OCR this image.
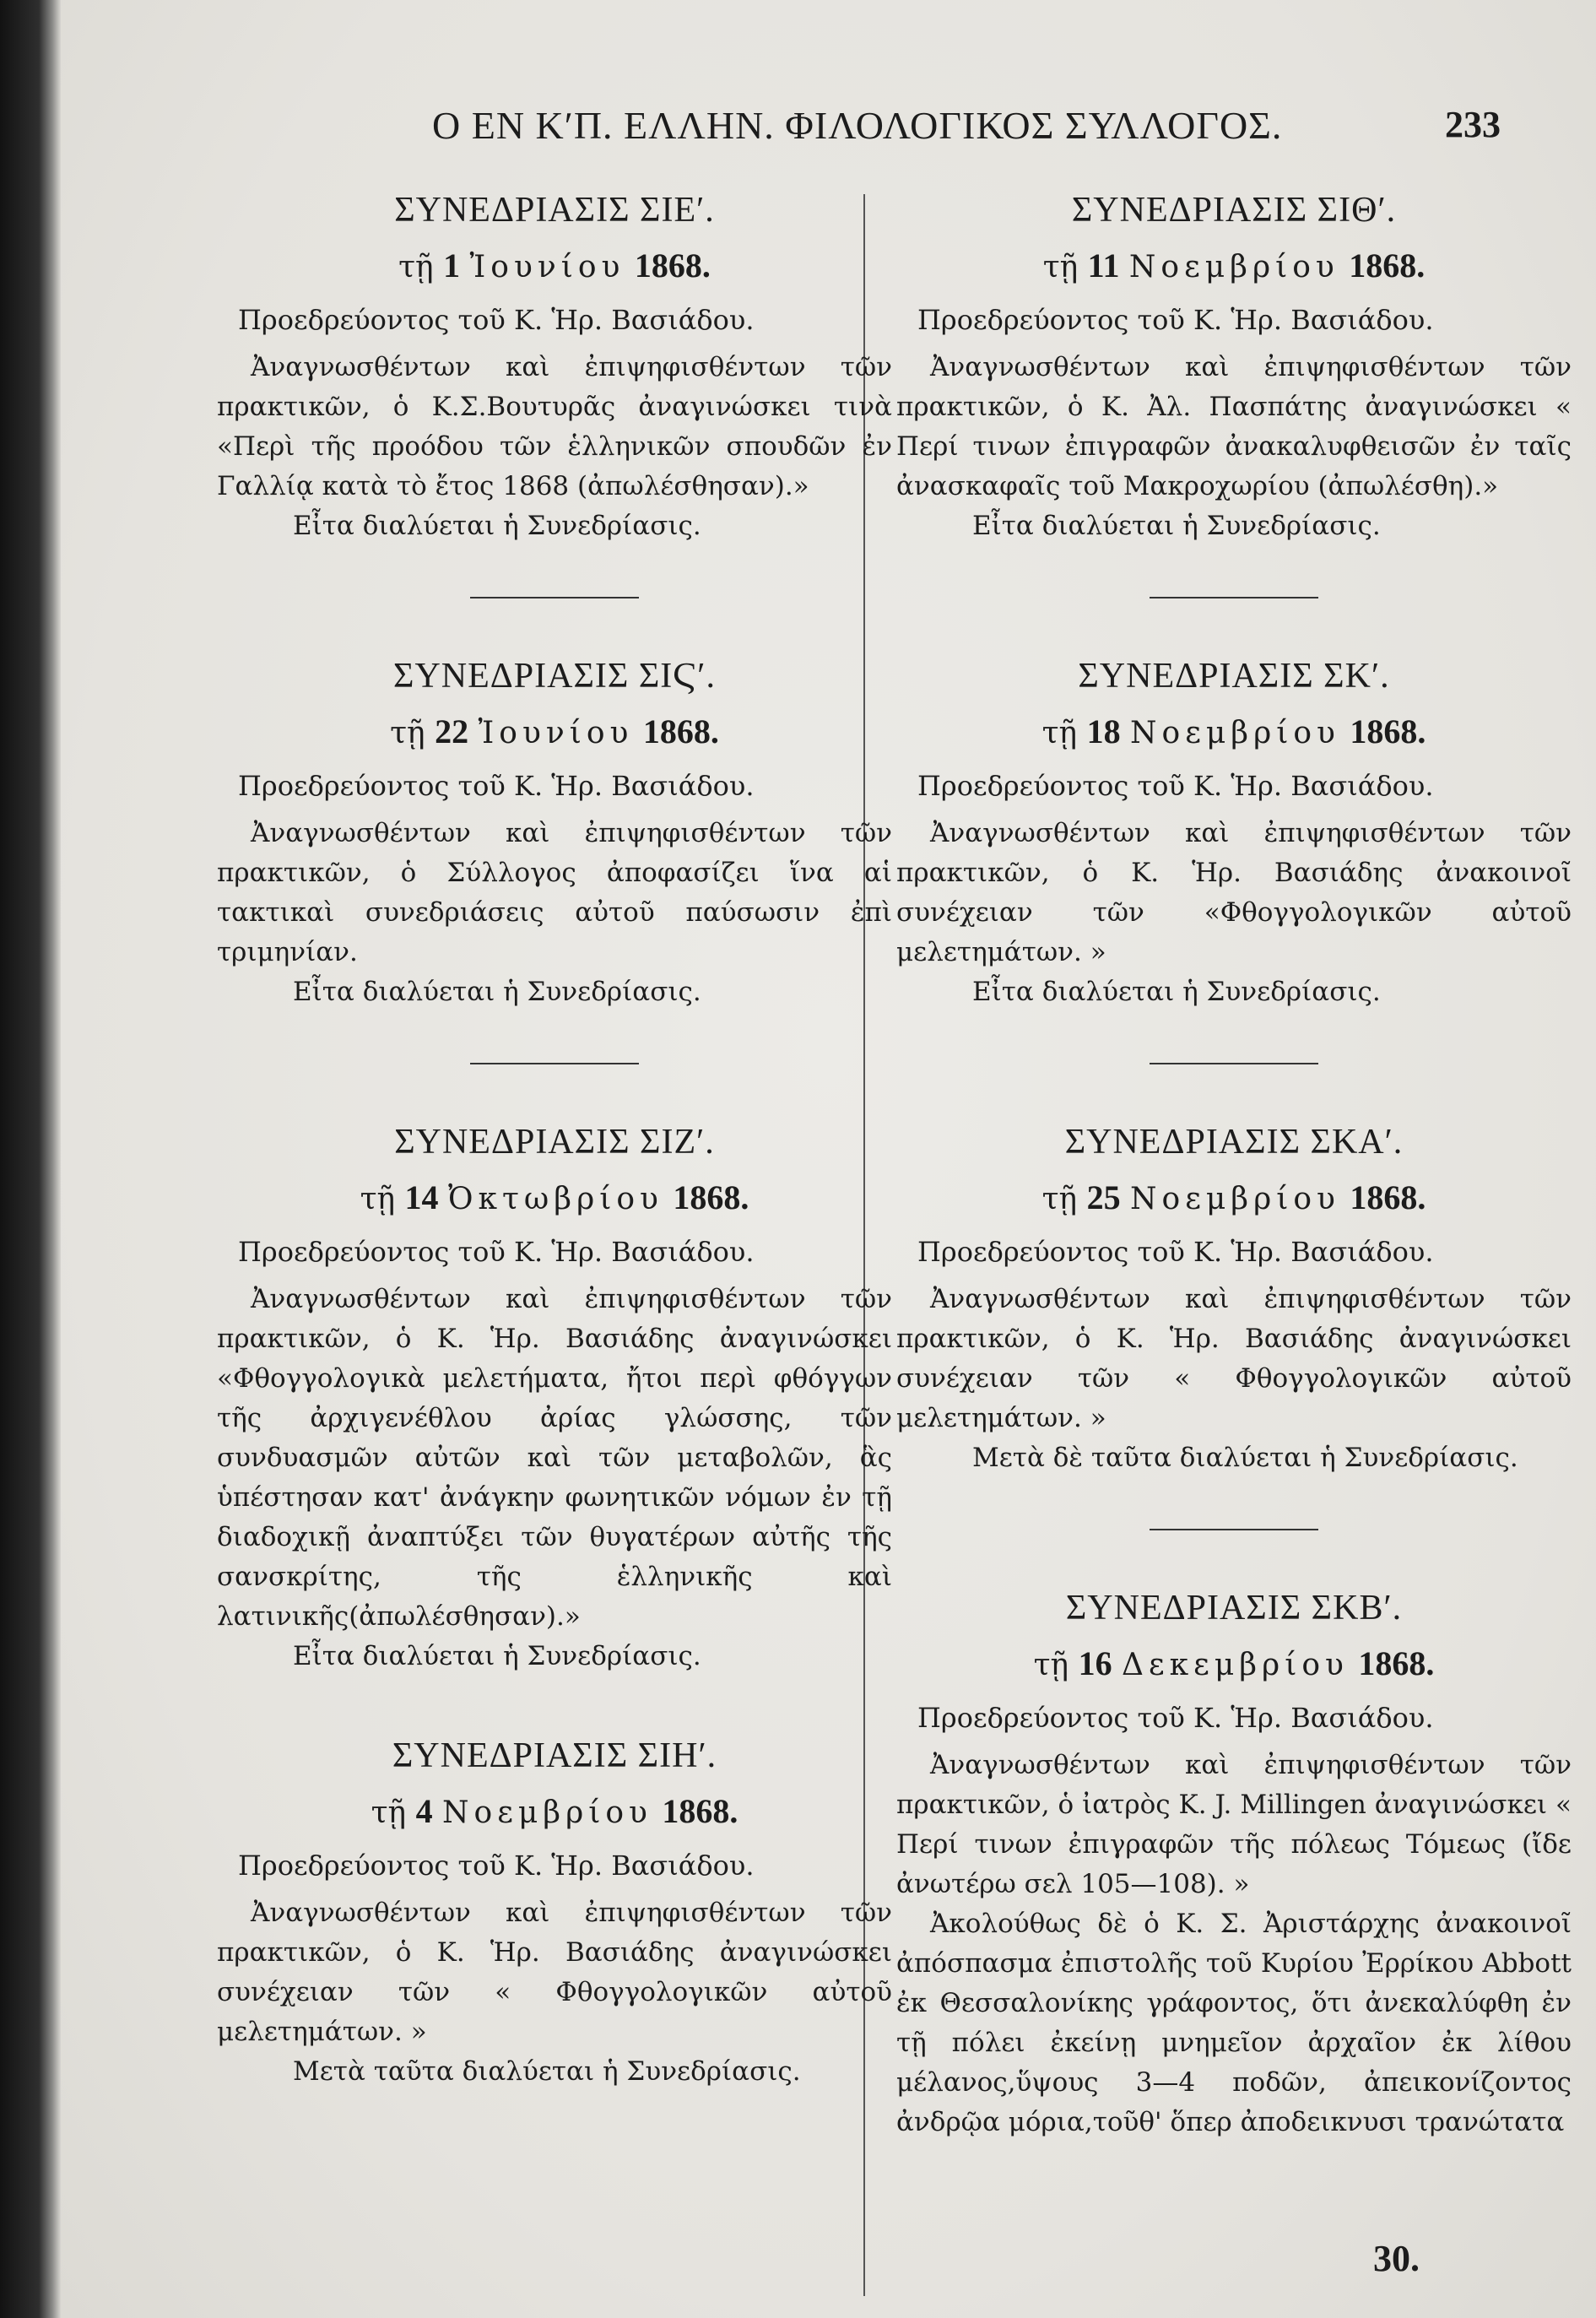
Ο ΕΝ ΚʹΠ. ΕΛΛΗΝ. ΦΙΛΟΛΟΓΙΚΟΣ ΣΥΛΛΟΓΟΣ.	233
ΣΥΝΕΔΡΙΑΣΙΣ ΣΙΕʹ.
τῇ 1 Ἰουνίου 1868.
Προεδρεύοντος τοῦ Κ. Ἡρ. Βασιάδου.

Ἀναγνωσθέντων καὶ ἐπιψηφισθέντων τῶν πρακτικῶν, ὁ Κ.Σ.Βουτυρᾶς ἀναγινώσκει τινὰ «Περὶ τῆς προόδου τῶν ἑλληνικῶν σπουδῶν ἐν Γαλλίᾳ κατὰ τὸ ἔτος 1868 (ἀπωλέσθησαν).»

Εἶτα διαλύεται ἡ Συνεδρίασις.
ΣΥΝΕΔΡΙΑΣΙΣ ΣΙϚʹ.
τῇ 22 Ἰουνίου 1868.
Προεδρεύοντος τοῦ Κ. Ἡρ. Βασιάδου.

Ἀναγνωσθέντων καὶ ἐπιψηφισθέντων τῶν πρακτικῶν, ὁ Σύλλογος ἀποφασίζει ἵνα αἱ τακτικαὶ συνεδριάσεις αὐτοῦ παύσωσιν ἐπὶ τριμηνίαν.

Εἶτα διαλύεται ἡ Συνεδρίασις.
ΣΥΝΕΔΡΙΑΣΙΣ ΣΙΖʹ.
τῇ 14 Ὀκτωβρίου 1868.
Προεδρεύοντος τοῦ Κ. Ἡρ. Βασιάδου.

Ἀναγνωσθέντων καὶ ἐπιψηφισθέντων τῶν πρακτικῶν, ὁ Κ. Ἡρ. Βασιάδης ἀναγινώσκει «Φθογγολογικὰ μελετήματα, ἤτοι περὶ φθόγγων τῆς ἀρχιγενέθλου ἀρίας γλώσσης, τῶν συνδυασμῶν αὐτῶν καὶ τῶν μεταβολῶν, ἃς ὑπέστησαν κατ' ἀνάγκην φωνητικῶν νόμων ἐν τῇ διαδοχικῇ ἀναπτύξει τῶν θυγατέρων αὐτῆς τῆς σανσκρίτης, τῆς ἑλληνικῆς καὶ λατινικῆς(ἀπωλέσθησαν).»

Εἶτα διαλύεται ἡ Συνεδρίασις.
ΣΥΝΕΔΡΙΑΣΙΣ ΣΙΗʹ.
τῇ 4 Νοεμβρίου 1868.
Προεδρεύοντος τοῦ Κ. Ἡρ. Βασιάδου.

Ἀναγνωσθέντων καὶ ἐπιψηφισθέντων τῶν πρακτικῶν, ὁ Κ. Ἡρ. Βασιάδης ἀναγινώσκει συνέχειαν τῶν « Φθογγολογικῶν αὐτοῦ μελετημάτων. »

Μετὰ ταῦτα διαλύεται ἡ Συνεδρίασις.
ΣΥΝΕΔΡΙΑΣΙΣ ΣΙΘʹ.
τῇ 11 Νοεμβρίου 1868.
Προεδρεύοντος τοῦ Κ. Ἡρ. Βασιάδου.

Ἀναγνωσθέντων καὶ ἐπιψηφισθέντων τῶν πρακτικῶν, ὁ Κ. Ἀλ. Πασπάτης ἀναγινώσκει « Περί τινων ἐπιγραφῶν ἀνακαλυφθεισῶν ἐν ταῖς ἀνασκαφαῖς τοῦ Μακροχωρίου (ἀπωλέσθη).»

Εἶτα διαλύεται ἡ Συνεδρίασις.
ΣΥΝΕΔΡΙΑΣΙΣ ΣΚʹ.
τῇ 18 Νοεμβρίου 1868.
Προεδρεύοντος τοῦ Κ. Ἡρ. Βασιάδου.

Ἀναγνωσθέντων καὶ ἐπιψηφισθέντων τῶν πρακτικῶν, ὁ Κ. Ἡρ. Βασιάδης ἀνακοινοῖ συνέχειαν τῶν «Φθογγολογικῶν αὐτοῦ μελετημάτων. »

Εἶτα διαλύεται ἡ Συνεδρίασις.
ΣΥΝΕΔΡΙΑΣΙΣ ΣΚΑʹ.
τῇ 25 Νοεμβρίου 1868.
Προεδρεύοντος τοῦ Κ. Ἡρ. Βασιάδου.

Ἀναγνωσθέντων καὶ ἐπιψηφισθέντων τῶν πρακτικῶν, ὁ Κ. Ἡρ. Βασιάδης ἀναγινώσκει συνέχειαν τῶν « Φθογγολογικῶν αὐτοῦ μελετημάτων. »

Μετὰ δὲ ταῦτα διαλύεται ἡ Συνεδρίασις.
ΣΥΝΕΔΡΙΑΣΙΣ ΣΚΒʹ.
τῇ 16 Δεκεμβρίου 1868.
Προεδρεύοντος τοῦ Κ. Ἡρ. Βασιάδου.

Ἀναγνωσθέντων καὶ ἐπιψηφισθέντων τῶν πρακτικῶν, ὁ ἰατρὸς Κ. J. Millingen ἀναγινώσκει « Περί τινων ἐπιγραφῶν τῆς πόλεως Τόμεως (ἴδε ἀνωτέρω σελ 105—108). »

Ἀκολούθως δὲ ὁ Κ. Σ. Ἀριστάρχης ἀνακοινοῖ ἀπόσπασμα ἐπιστολῆς τοῦ Κυρίου Ἐρρίκου Abbott ἐκ Θεσσαλονίκης γράφοντος, ὅτι ἀνεκαλύφθη ἐν τῇ πόλει ἐκείνῃ μνημεῖον ἀρχαῖον ἐκ λίθου μέλανος,ὕψους 3—4 ποδῶν, ἀπεικονίζοντος ἀνδρῷα μόρια,τοῦθ' ὅπερ ἀποδεικνυσι τρανώτατα

30.
